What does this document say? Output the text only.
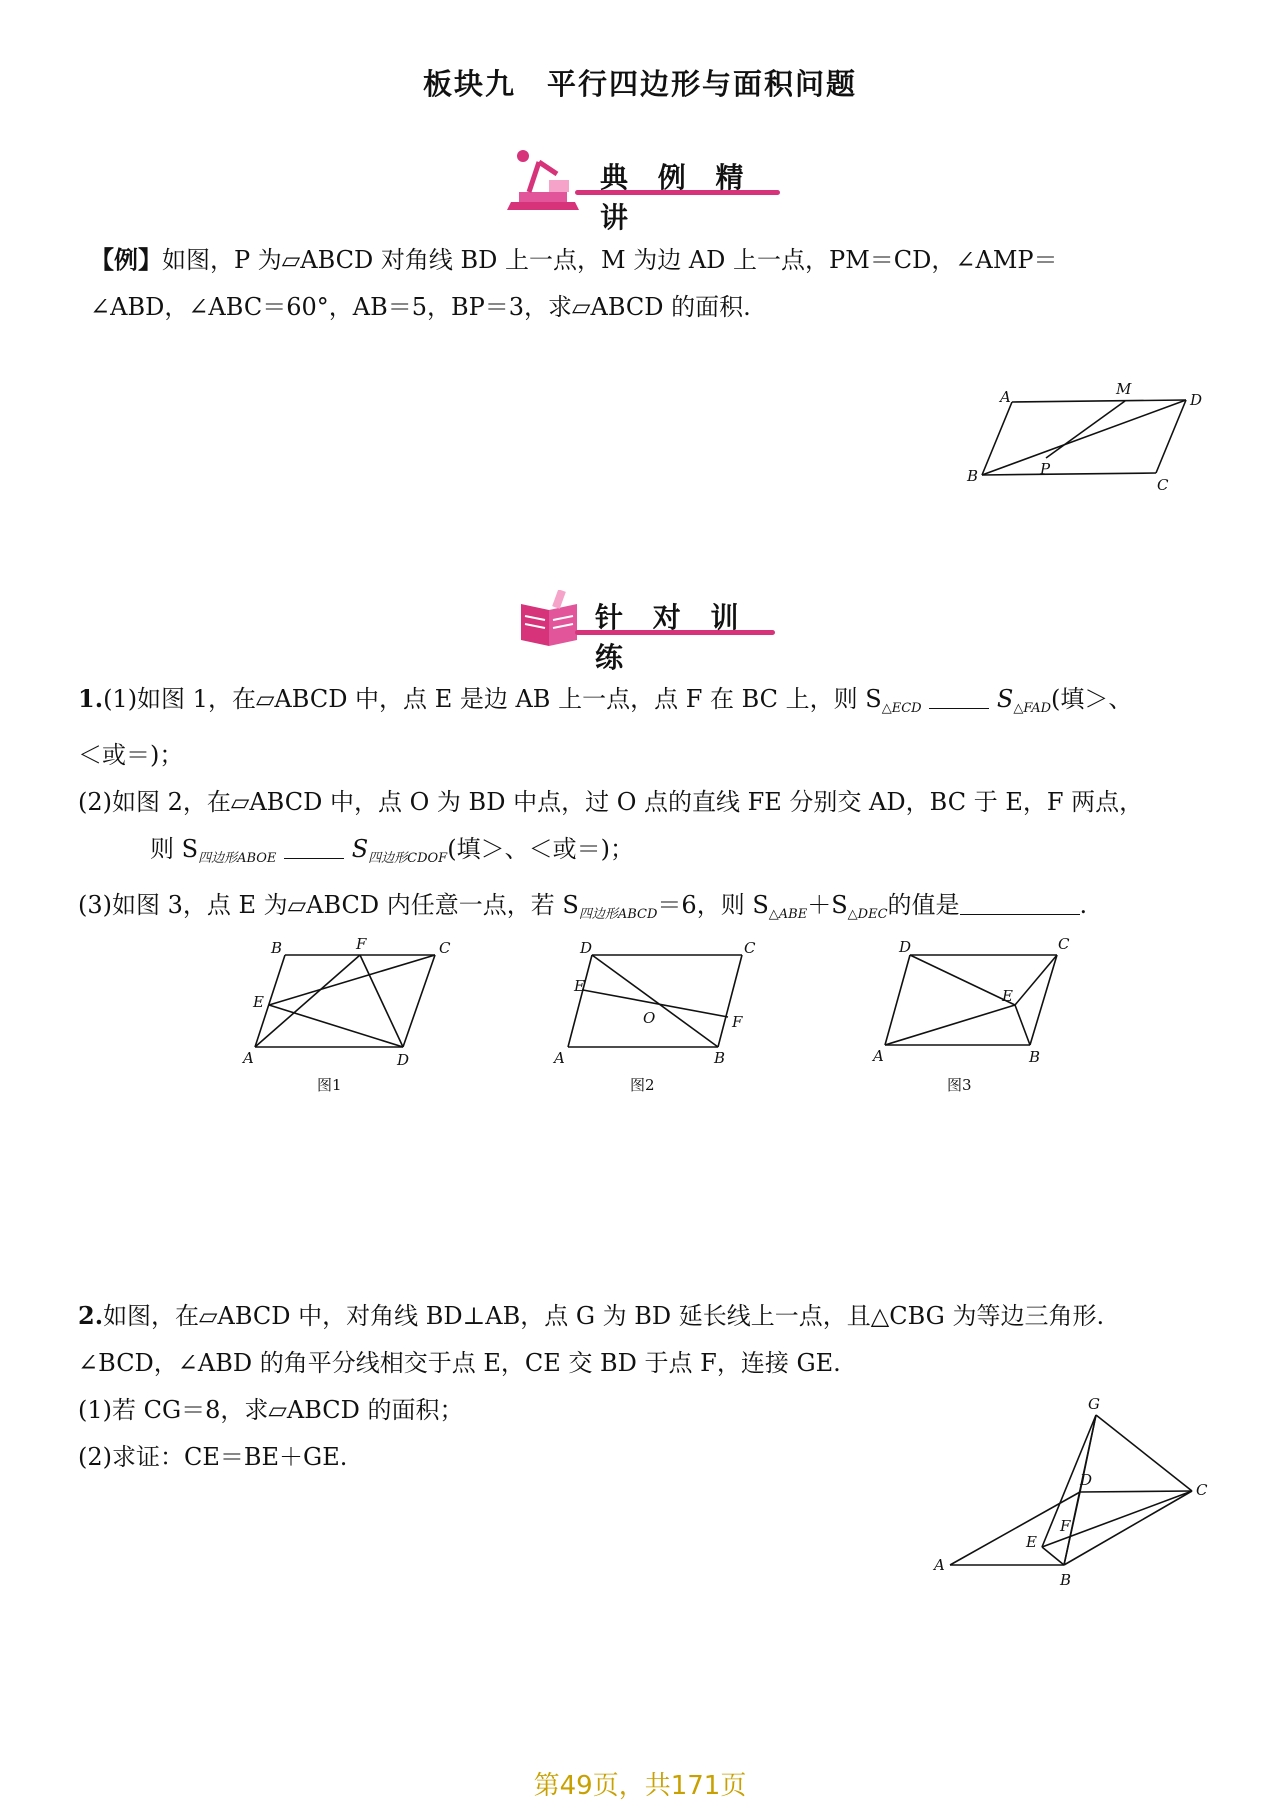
板块九　平行四边形与面积问题
典 例 精 讲
【例】如图，P 为▱ABCD 对角线 BD 上一点，M 为边 AD 上一点，PM＝CD，∠AMP＝
∠ABD，∠ABC＝60°，AB＝5，BP＝3，求▱ABCD 的面积.
A	M
D
B	P
C
针 对 训 练
1.(1)如图 1，在▱ABCD 中，点 E 是边 AB 上一点，点 F 在 BC 上，则 $S_{\triangle ECD}$	$S_{\triangle FAD}$(填＞、
＜或＝)；
(2)如图 2，在▱ABCD 中，点 O 为 BD 中点，过 O 点的直线 FE 分别交 AD，BC 于 E，F 两点，
则 $S_{四边形ABOE}$	$S_{四边形CDOF}$(填＞、＜或＝)；
(3)如图 3，点 E 为▱ABCD 内任意一点，若 $S_{四边形ABCD}=6$，则 $S_{\triangle ABE}+S_{\triangle DEC}$的值是	.
B	F	C
E
A	D
图1
D	C
E
O	F
A	B
图2
D	C
E
A	B
图3
2.如图，在▱ABCD 中，对角线 BD⊥AB，点 G 为 BD 延长线上一点，且△CBG 为等边三角形.
∠BCD，∠ABD 的角平分线相交于点 E，CE 交 BD 于点 F，连接 GE.
(1)若 CG＝8，求▱ABCD 的面积；
(2)求证：CE＝BE＋GE.
G
D
C
F
E
A
B
第49页，共171页
